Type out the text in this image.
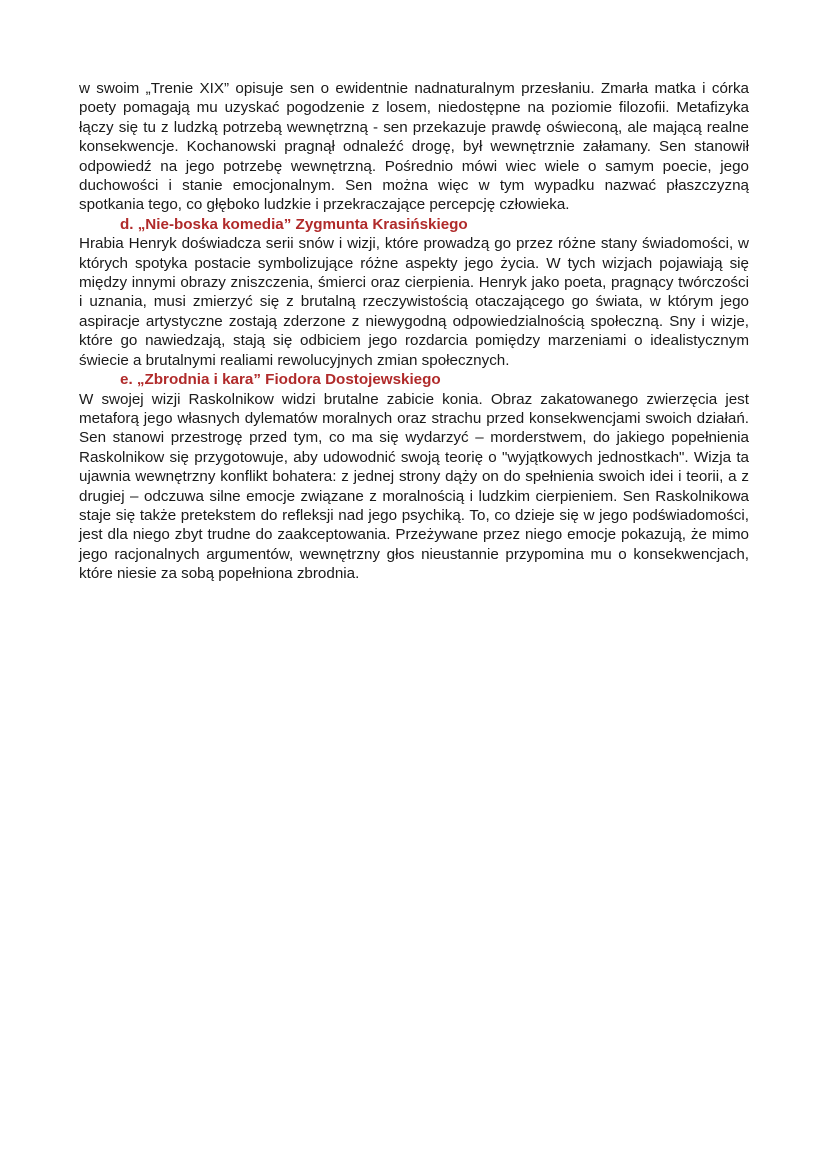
w swoim „Trenie XIX” opisuje sen o ewidentnie nadnaturalnym przesłaniu. Zmarła matka i córka poety pomagają mu uzyskać pogodzenie z losem, niedostępne na poziomie filozofii. Metafizyka łączy się tu z ludzką potrzebą wewnętrzną - sen przekazuje prawdę oświeconą, ale mającą realne konsekwencje. Kochanowski pragnął odnaleźć drogę, był wewnętrznie załamany. Sen stanowił odpowiedź na jego potrzebę wewnętrzną. Pośrednio mówi wiec wiele o samym poecie, jego duchowości i stanie emocjonalnym. Sen można więc w tym wypadku nazwać płaszczyzną spotkania tego, co głęboko ludzkie i przekraczające percepcję człowieka.

d. „Nie-boska komedia” Zygmunta Krasińskiego

Hrabia Henryk doświadcza serii snów i wizji, które prowadzą go przez różne stany świadomości, w których spotyka postacie symbolizujące różne aspekty jego życia. W tych wizjach pojawiają się między innymi obrazy zniszczenia, śmierci oraz cierpienia. Henryk jako poeta, pragnący twórczości i uznania, musi zmierzyć się z brutalną rzeczywistością otaczającego go świata, w którym jego aspiracje artystyczne zostają zderzone z niewygodną odpowiedzialnością społeczną. Sny i wizje, które go nawiedzają, stają się odbiciem jego rozdarcia pomiędzy marzeniami o idealistycznym świecie a brutalnymi realiami rewolucyjnych zmian społecznych.

e. „Zbrodnia i kara” Fiodora Dostojewskiego

W swojej wizji Raskolnikow widzi brutalne zabicie konia. Obraz zakatowanego zwierzęcia jest metaforą jego własnych dylematów moralnych oraz strachu przed konsekwencjami swoich działań. Sen stanowi przestrogę przed tym, co ma się wydarzyć – morderstwem, do jakiego popełnienia Raskolnikow się przygotowuje, aby udowodnić swoją teorię o "wyjątkowych jednostkach". Wizja ta ujawnia wewnętrzny konflikt bohatera: z jednej strony dąży on do spełnienia swoich idei i teorii, a z drugiej – odczuwa silne emocje związane z moralnością i ludzkim cierpieniem. Sen Raskolnikowa staje się także pretekstem do refleksji nad jego psychiką. To, co dzieje się w jego podświadomości, jest dla niego zbyt trudne do zaakceptowania. Przeżywane przez niego emocje pokazują, że mimo jego racjonalnych argumentów, wewnętrzny głos nieustannie przypomina mu o konsekwencjach, które niesie za sobą popełniona zbrodnia.
